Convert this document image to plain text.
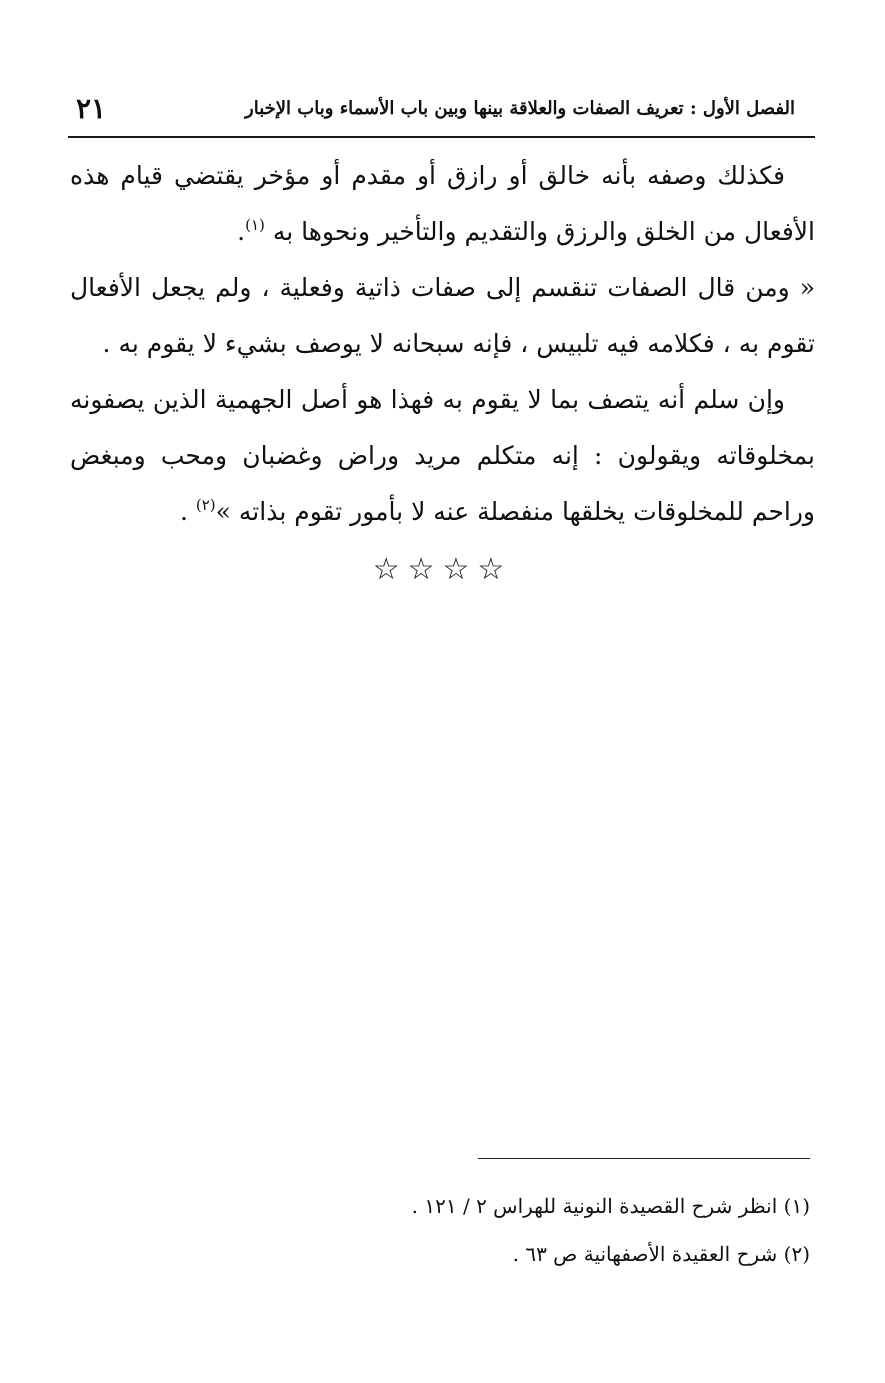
الفصل الأول : تعريف الصفات والعلاقة بينها وبين باب الأسماء وباب الإخبار
٢١

فكذلك وصفه بأنه خالق أو رازق أو مقدم أو مؤخر يقتضي قيام هذه الأفعال من الخلق والرزق والتقديم والتأخير ونحوها به $^{(١)}$.

« ومن قال الصفات تنقسم إلى صفات ذاتية وفعلية ، ولم يجعل الأفعال تقوم به ، فكلامه فيه تلبيس ، فإنه سبحانه لا يوصف بشيء لا يقوم به .

وإن سلم أنه يتصف بما لا يقوم به فهذا هو أصل الجهمية الذين يصفونه بمخلوقاته ويقولون : إنه متكلم مريد وراض وغضبان ومحب ومبغض وراحم للمخلوقات يخلقها منفصلة عنه لا بأمور تقوم بذاته »$^{(٢)}$ .

☆☆☆☆
(١) انظر شرح القصيدة النونية للهراس ٢ / ١٢١ .
(٢) شرح العقيدة الأصفهانية ص ٦٣ .
